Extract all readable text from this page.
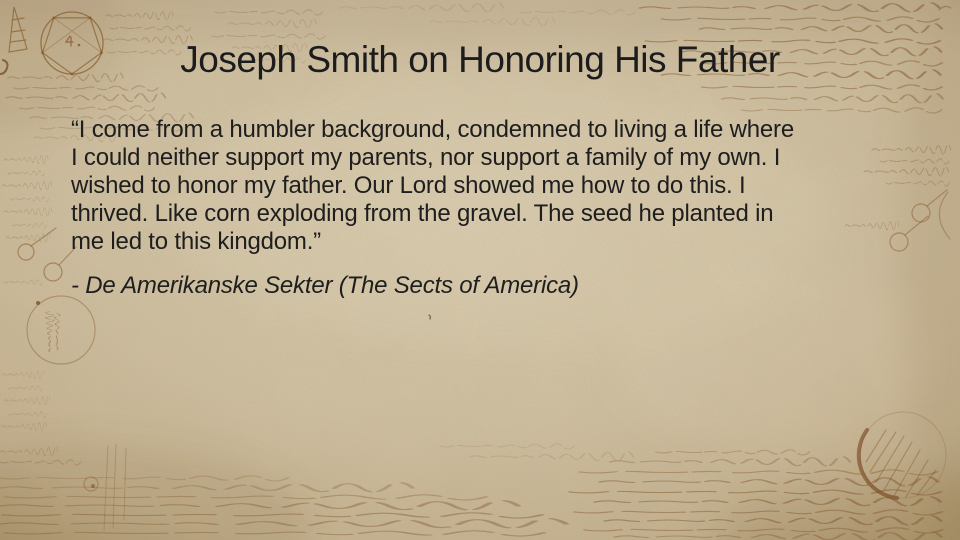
Joseph Smith on Honoring His Father
“I come from a humbler background, condemned to living a life where
I could neither support my parents, nor support a family of my own. I
wished to honor my father. Our Lord showed me how to do this. I
thrived. Like corn exploding from the gravel. The seed he planted in
me led to this kingdom.”
- De Amerikanske Sekter (The Sects of America)
